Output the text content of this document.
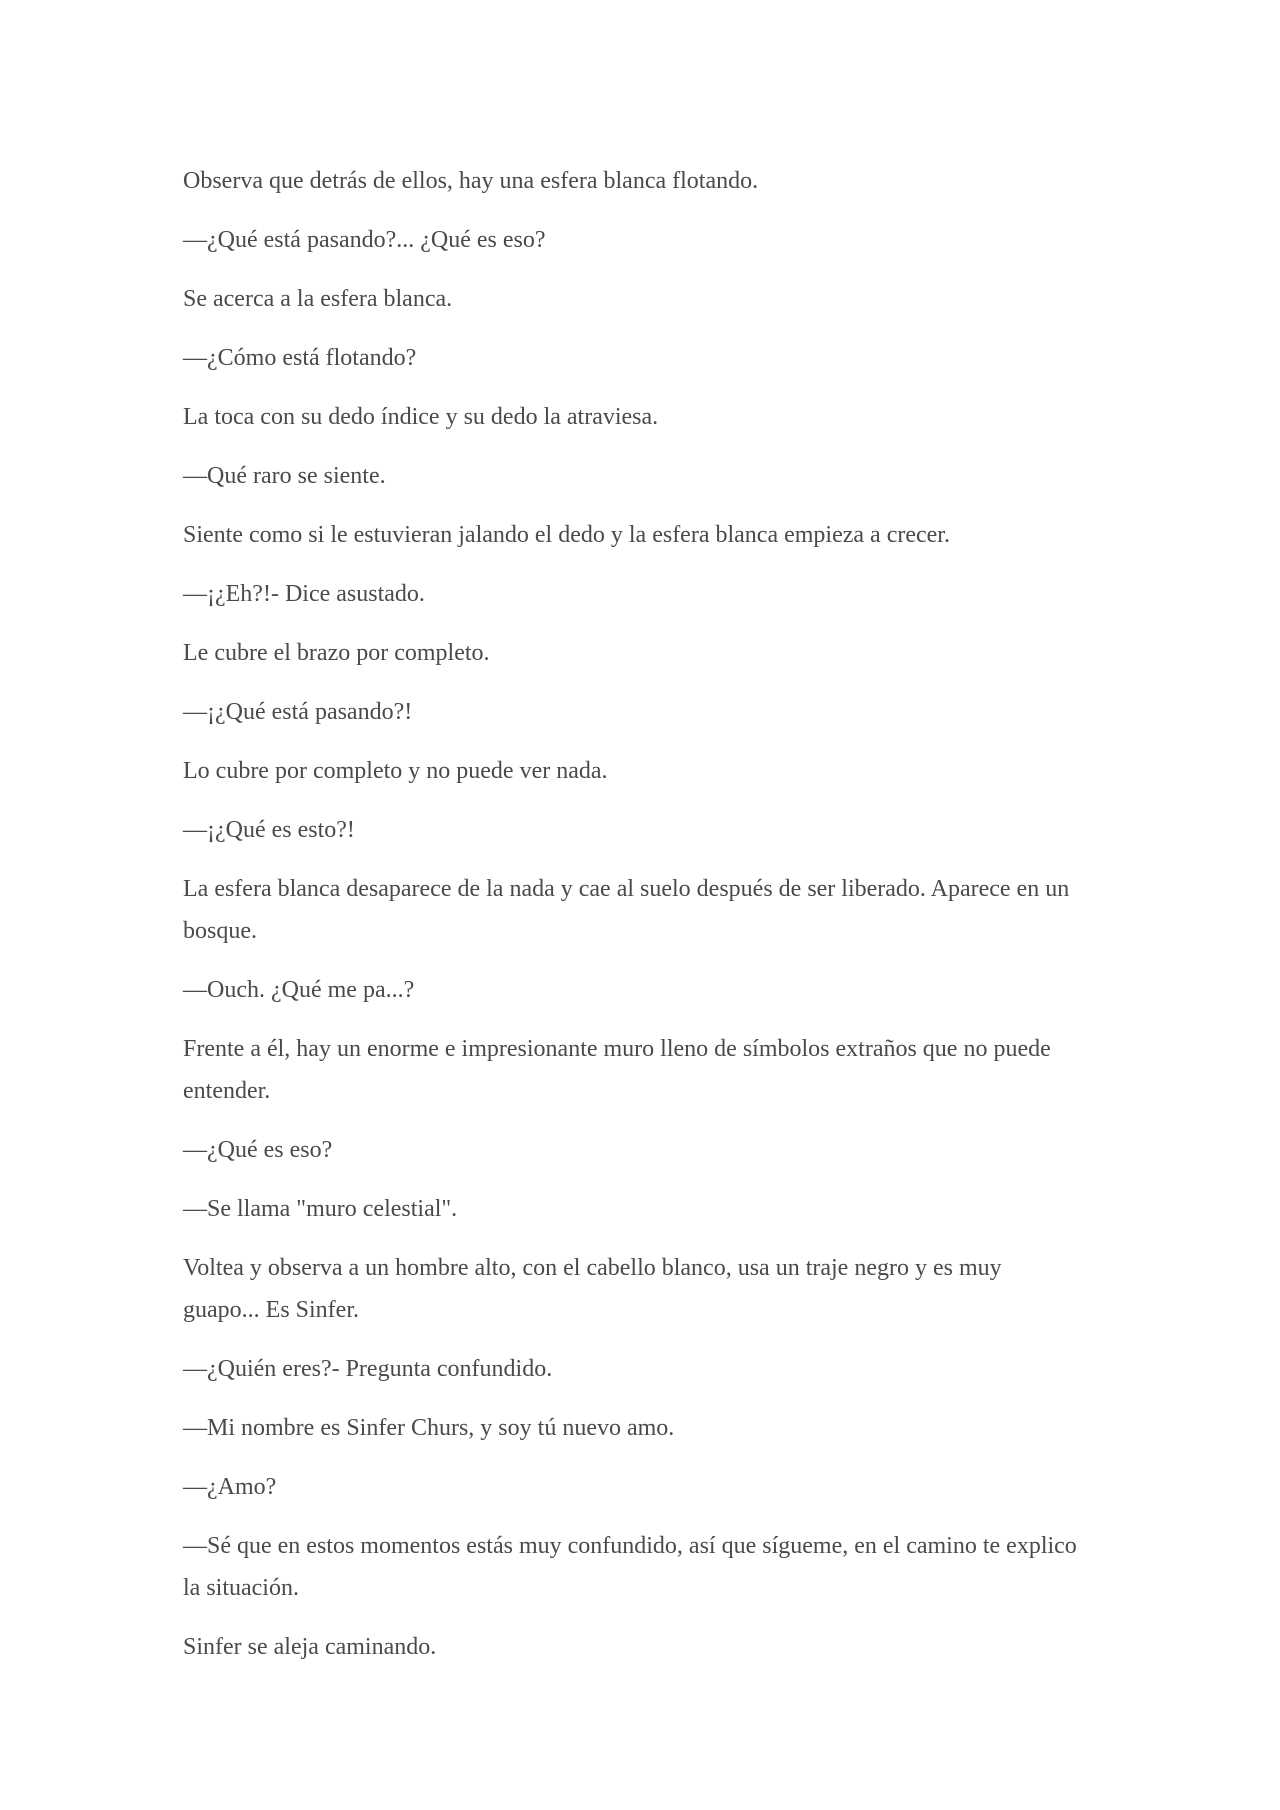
Observa que detrás de ellos, hay una esfera blanca flotando.

—¿Qué está pasando?... ¿Qué es eso?

Se acerca a la esfera blanca.

—¿Cómo está flotando?

La toca con su dedo índice y su dedo la atraviesa.

—Qué raro se siente.

Siente como si le estuvieran jalando el dedo y la esfera blanca empieza a crecer.

—¡¿Eh?!- Dice asustado.

Le cubre el brazo por completo.

—¡¿Qué está pasando?!

Lo cubre por completo y no puede ver nada.

—¡¿Qué es esto?!

La esfera blanca desaparece de la nada y cae al suelo después de ser liberado. Aparece en un bosque.

—Ouch. ¿Qué me pa...?

Frente a él, hay un enorme e impresionante muro lleno de símbolos extraños que no puede entender.

—¿Qué es eso?

—Se llama "muro celestial".

Voltea y observa a un hombre alto, con el cabello blanco, usa un traje negro y es muy guapo... Es Sinfer.

—¿Quién eres?- Pregunta confundido.

—Mi nombre es Sinfer Churs, y soy tú nuevo amo.

—¿Amo?

—Sé que en estos momentos estás muy confundido, así que sígueme, en el camino te explico la situación.

Sinfer se aleja caminando.
